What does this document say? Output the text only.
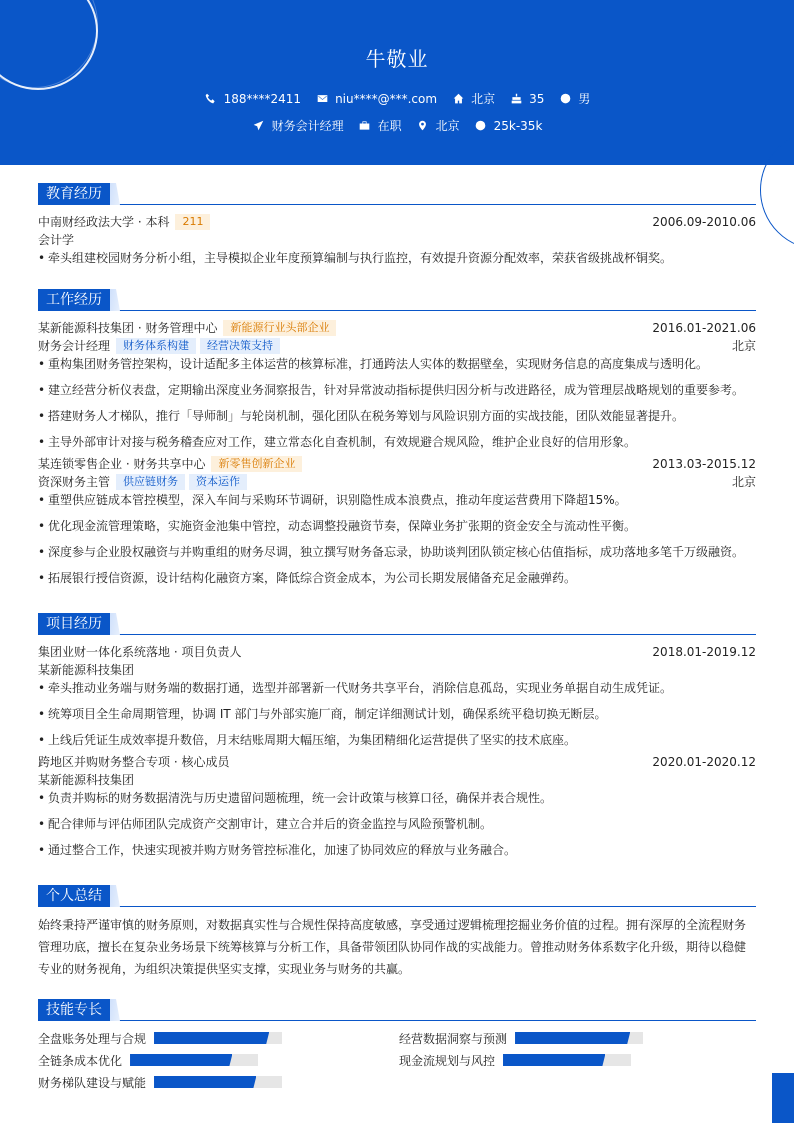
牛敬业
188****2411	niu****@***.com	北京	35	男
财务会计经理	在职	北京	25k-35k
教育经历
中南财经政法大学 · 本科 211	2006.09-2010.06
会计学
• 牵头组建校园财务分析小组，主导模拟企业年度预算编制与执行监控，有效提升资源分配效率，荣获省级挑战杯铜奖。
工作经历
某新能源科技集团 · 财务管理中心 新能源行业头部企业	2016.01-2021.06
财务会计经理 财务体系构建 经营决策支持	北京
• 重构集团财务管控架构，设计适配多主体运营的核算标准，打通跨法人实体的数据壁垒，实现财务信息的高度集成与透明化。
• 建立经营分析仪表盘，定期输出深度业务洞察报告，针对异常波动指标提供归因分析与改进路径，成为管理层战略规划的重要参考。
• 搭建财务人才梯队，推行「导师制」与轮岗机制，强化团队在税务筹划与风险识别方面的实战技能，团队效能显著提升。
• 主导外部审计对接与税务稽查应对工作，建立常态化自查机制，有效规避合规风险，维护企业良好的信用形象。
某连锁零售企业 · 财务共享中心 新零售创新企业	2013.03-2015.12
资深财务主管 供应链财务 资本运作	北京
• 重塑供应链成本管控模型，深入车间与采购环节调研，识别隐性成本浪费点，推动年度运营费用下降超15%。
• 优化现金流管理策略，实施资金池集中管控，动态调整投融资节奏，保障业务扩张期的资金安全与流动性平衡。
• 深度参与企业股权融资与并购重组的财务尽调，独立撰写财务备忘录，协助谈判团队锁定核心估值指标，成功落地多笔千万级融资。
• 拓展银行授信资源，设计结构化融资方案，降低综合资金成本，为公司长期发展储备充足金融弹药。
项目经历
集团业财一体化系统落地 · 项目负责人	2018.01-2019.12
某新能源科技集团
• 牵头推动业务端与财务端的数据打通，选型并部署新一代财务共享平台，消除信息孤岛，实现业务单据自动生成凭证。
• 统筹项目全生命周期管理，协调 IT 部门与外部实施厂商，制定详细测试计划，确保系统平稳切换无断层。
• 上线后凭证生成效率提升数倍，月末结账周期大幅压缩，为集团精细化运营提供了坚实的技术底座。
跨地区并购财务整合专项 · 核心成员	2020.01-2020.12
某新能源科技集团
• 负责并购标的财务数据清洗与历史遗留问题梳理，统一会计政策与核算口径，确保并表合规性。
• 配合律师与评估师团队完成资产交割审计，建立合并后的资金监控与风险预警机制。
• 通过整合工作，快速实现被并购方财务管控标准化，加速了协同效应的释放与业务融合。
个人总结
始终秉持严谨审慎的财务原则，对数据真实性与合规性保持高度敏感，享受通过逻辑梳理挖掘业务价值的过程。拥有深厚的全流程财务
管理功底，擅长在复杂业务场景下统筹核算与分析工作，具备带领团队协同作战的实战能力。曾推动财务体系数字化升级，期待以稳健
专业的财务视角，为组织决策提供坚实支撑，实现业务与财务的共赢。
技能专长
全盘账务处理与合规	经营数据洞察与预测
全链条成本优化	现金流规划与风控
财务梯队建设与赋能
